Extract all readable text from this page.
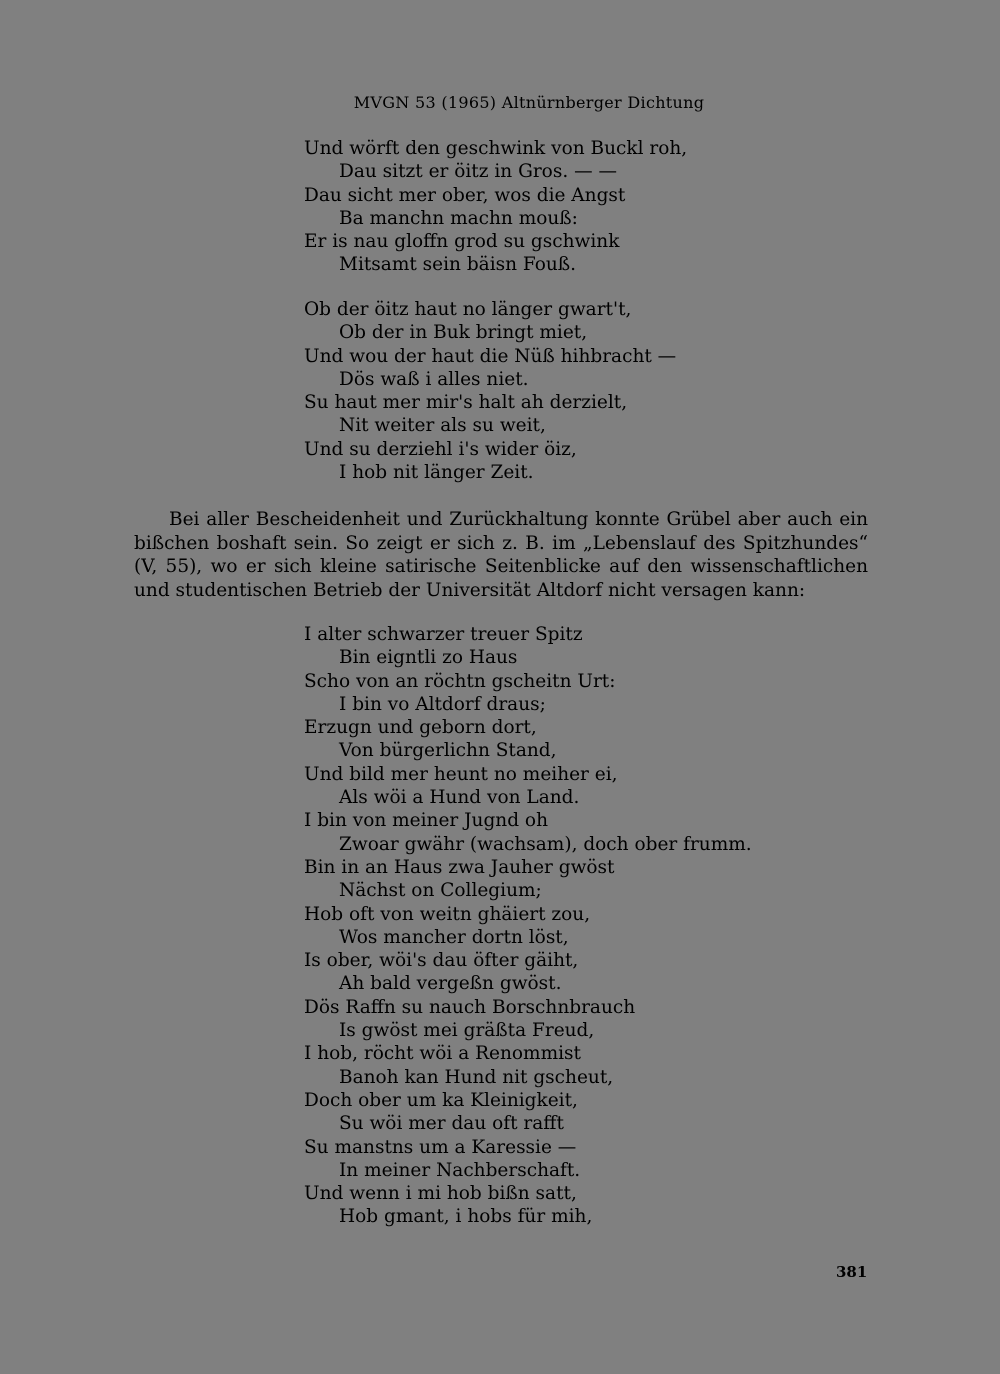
MVGN 53 (1965) Altnürnberger Dichtung
Und wörft den geschwink von Buckl roh,
Dau sitzt er öitz in Gros. — —
Dau sicht mer ober, wos die Angst
Ba manchn machn mouß:
Er is nau gloffn grod su gschwink
Mitsamt sein bäisn Fouß.
Ob der öitz haut no länger gwart't,
Ob der in Buk bringt miet,
Und wou der haut die Nüß hihbracht —
Dös waß i alles niet.
Su haut mer mir's halt ah derzielt,
Nit weiter als su weit,
Und su derziehl i's wider öiz,
I hob nit länger Zeit.

Bei aller Bescheidenheit und Zurückhaltung konnte Grübel aber auch ein bißchen boshaft sein. So zeigt er sich z. B. im „Lebenslauf des Spitzhundes“ (V, 55), wo er sich kleine satirische Seitenblicke auf den wissenschaftlichen und studentischen Betrieb der Universität Altdorf nicht versagen kann:

I alter schwarzer treuer Spitz
Bin eigntli zo Haus
Scho von an röchtn gscheitn Urt:
I bin vo Altdorf draus;
Erzugn und geborn dort,
Von bürgerlichn Stand,
Und bild mer heunt no meiher ei,
Als wöi a Hund von Land.
I bin von meiner Jugnd oh
Zwoar gwähr (wachsam), doch ober frumm.
Bin in an Haus zwa Jauher gwöst
Nächst on Collegium;
Hob oft von weitn ghäiert zou,
Wos mancher dortn löst,
Is ober, wöi's dau öfter gäiht,
Ah bald vergeßn gwöst.
Dös Raffn su nauch Borschnbrauch
Is gwöst mei gräßta Freud,
I hob, röcht wöi a Renommist
Banoh kan Hund nit gscheut,
Doch ober um ka Kleinigkeit,
Su wöi mer dau oft rafft
Su manstns um a Karessie —
In meiner Nachberschaft.
Und wenn i mi hob bißn satt,
Hob gmant, i hobs für mih,
381
